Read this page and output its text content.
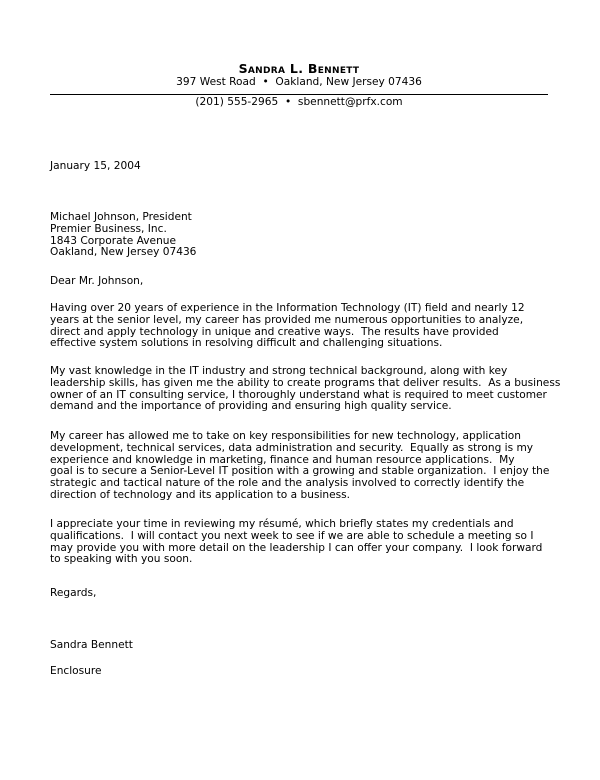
Sandra L. Bennett

397 West Road  •  Oakland, New Jersey 07436

(201) 555-2965  •  sbennett@prfx.com

January 15, 2004

Michael Johnson, President
Premier Business, Inc.
1843 Corporate Avenue
Oakland, New Jersey 07436

Dear Mr. Johnson,

Having over 20 years of experience in the Information Technology (IT) field and nearly 12
years at the senior level, my career has provided me numerous opportunities to analyze,
direct and apply technology in unique and creative ways.  The results have provided
effective system solutions in resolving difficult and challenging situations.
My vast knowledge in the IT industry and strong technical background, along with key
leadership skills, has given me the ability to create programs that deliver results.  As a business
owner of an IT consulting service, I thoroughly understand what is required to meet customer
demand and the importance of providing and ensuring high quality service.
My career has allowed me to take on key responsibilities for new technology, application
development, technical services, data administration and security.  Equally as strong is my
experience and knowledge in marketing, finance and human resource applications.  My
goal is to secure a Senior-Level IT position with a growing and stable organization.  I enjoy the
strategic and tactical nature of the role and the analysis involved to correctly identify the
direction of technology and its application to a business.
I appreciate your time in reviewing my résumé, which briefly states my credentials and
qualifications.  I will contact you next week to see if we are able to schedule a meeting so I
may provide you with more detail on the leadership I can offer your company.  I look forward
to speaking with you soon.

Regards,

Sandra Bennett

Enclosure
